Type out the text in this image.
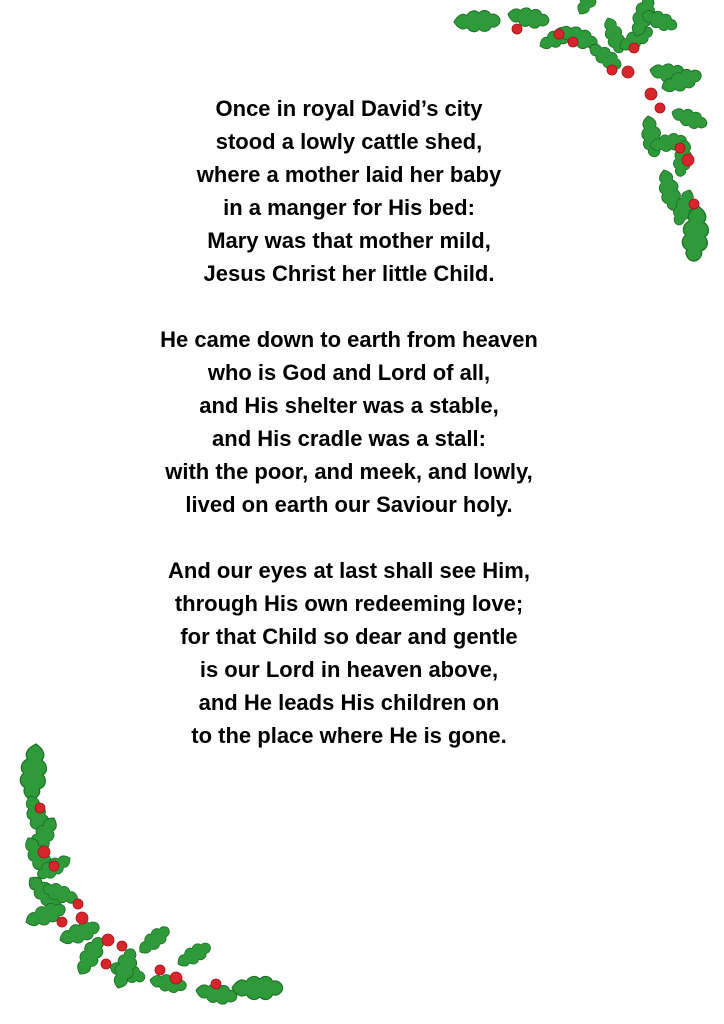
Once in royal David’s city
stood a lowly cattle shed,
where a mother laid her baby
in a manger for His bed:
Mary was that mother mild,
Jesus Christ her little Child.
He came down to earth from heaven
who is God and Lord of all,
and His shelter was a stable,
and His cradle was a stall:
with the poor, and meek, and lowly,
lived on earth our Saviour holy.
And our eyes at last shall see Him,
through His own redeeming love;
for that Child so dear and gentle
is our Lord in heaven above,
and He leads His children on
to the place where He is gone.
